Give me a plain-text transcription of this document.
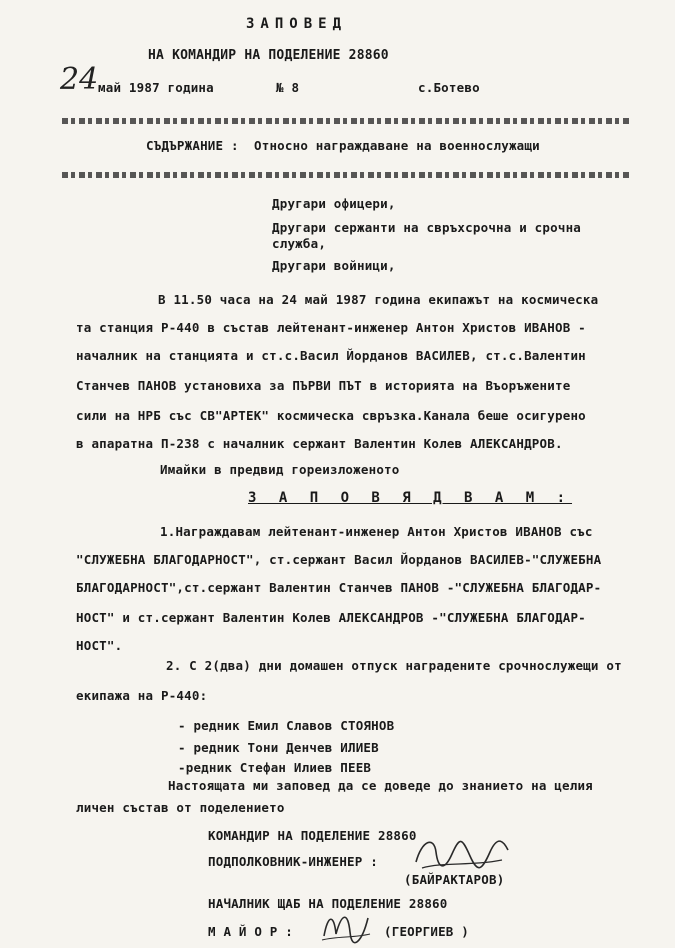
ЗАПОВЕД
НА КОМАНДИР НА ПОДЕЛЕНИЕ 28860
24 май 1987 година	№ 8	с.Ботево
СЪДЪРЖАНИЕ : Относно награждаване на военнослужащи
Другари офицери,
Другари сержанти на свръхсрочна и срочна
служба,
Другари войници,
В 11.50 часа на 24 май 1987 година екипажът на космическа
та станция Р-440 в състав лейтенант-инженер Антон Христов ИВАНОВ -
началник на станцията и ст.с.Васил Йорданов ВАСИЛЕВ, ст.с.Валентин
Станчев ПАНОВ установиха за ПЪРВИ ПЪТ в историята на Въоръжените
сили на НРБ със СВ"АРТЕК" космическа свръзка.Каналa беше осигурено
в апаратна П-238 с началник сержант Валентин Колев АЛЕКСАНДРОВ.
Имайки в предвид гореизложеното
З А П О В Я Д В А М :
1.Награждавам лейтенант-инженер Антон Христов ИВАНОВ със
"СЛУЖЕБНА БЛАГОДАРНОСТ", ст.сержант Васил Йорданов ВАСИЛЕВ-"СЛУЖЕБНА
БЛАГОДАРНОСТ",ст.сержант Валентин Станчев ПАНОВ -"СЛУЖЕБНА БЛАГОДАР-
НОСТ" и ст.сержант Валентин Колев АЛЕКСАНДРОВ -"СЛУЖЕБНА БЛАГОДАР-
НОСТ".
2. С 2(два) дни домашен отпуск наградените срочнослужещи от
екипажа на Р-440:
- редник Емил Славов СТОЯНОВ
- редник Тони Денчев ИЛИЕВ
-редник Стефан Илиев ПЕЕВ
Настоящата ми заповед да се доведе до знанието на целия
личен състав от поделението
КОМАНДИР НА ПОДЕЛЕНИЕ 28860
ПОДПОЛКОВНИК-ИНЖЕНЕР :
(БАЙРАКТАРОВ)
НАЧАЛНИК ЩАБ НА ПОДЕЛЕНИЕ 28860
М А Й О Р :	(ГЕОРГИЕВ )
